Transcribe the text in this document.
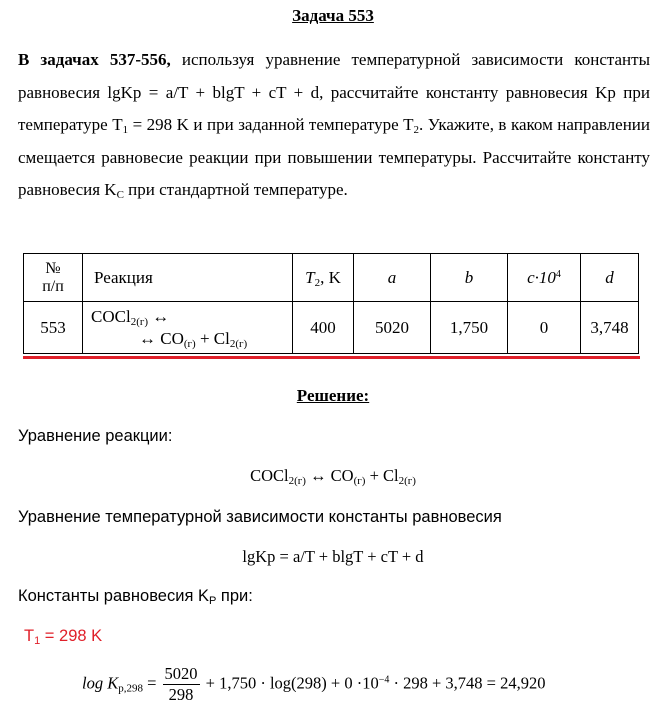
Задача 553
В задачах 537-556, используя уравнение температурной зависимости константы равновесия lgKp = a/T + blgT + cT + d, рассчитайте константу равновесия Kp при температуре $T_1 = 298$ K и при заданной температуре $T_2$. Укажите, в каком направлении смещается равновесие реакции при повышении температуры. Рассчитайте константу равновесия $K_C$ при стандартной температуре.
№
п/п	Реакция	$T_2$, K	a	b	$c\cdot 10^4$	d
553	COCl$_{2(г)}$ ↔
↔ $CO_{(г)} + Cl_{2(г)}$	400	5020	1,750	0	3,748
Решение:
Уравнение реакции:
COCl$_{2(г)}$ ↔ $CO_{(г)} + Cl_{2(г)}$
Уравнение температурной зависимости константы равновесия
lgKp = a/T + blgT + cT + d
Константы равновесия $K_P$ при:
$T_1 = 298$ K
$\log K_{p,298} = \frac{5020}{298} + 1,750 \cdot \log(298) + 0 \cdot 10^{-4} \cdot 298 + 3,748 = 24,920$
